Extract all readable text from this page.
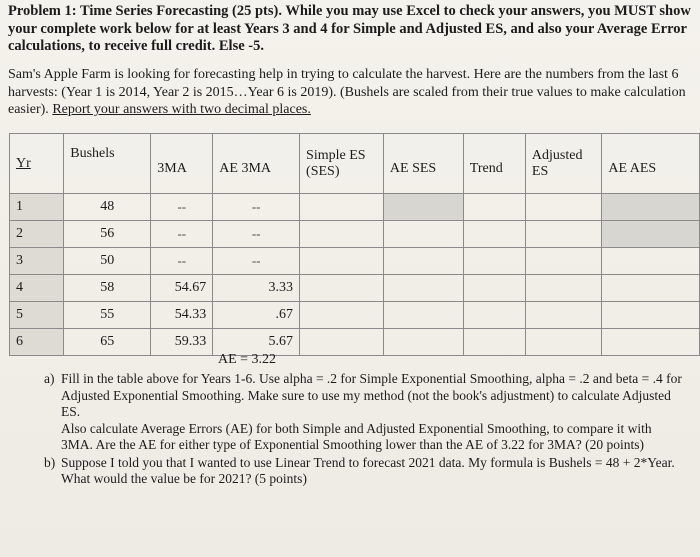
Problem 1: Time Series Forecasting (25 pts). While you may use Excel to check your answers, you MUST show your complete work below for at least Years 3 and 4 for Simple and Adjusted ES, and also your Average Error calculations, to receive full credit. Else -5.
Sam's Apple Farm is looking for forecasting help in trying to calculate the harvest. Here are the numbers from the last 6 harvests: (Year 1 is 2014, Year 2 is 2015…Year 6 is 2019). (Bushels are scaled from their true values to make calculation easier). Report your answers with two decimal places.
Yr	Bushels	3MA	AE 3MA	Simple ES (SES)	AE SES	Trend	Adjusted ES	AE AES
1	48	--	--					
2	56	--	--					
3	50	--	--					
4	58	54.67	3.33					
5	55	54.33	.67					
6	65	59.33	5.67					
AE = 3.22
a) Fill in the table above for Years 1-6. Use alpha = .2 for Simple Exponential Smoothing, alpha = .2 and beta = .4 for Adjusted Exponential Smoothing. Make sure to use my method (not the book's adjustment) to calculate Adjusted ES.

Also calculate Average Errors (AE) for both Simple and Adjusted Exponential Smoothing, to compare it with 3MA. Are the AE for either type of Exponential Smoothing lower than the AE of 3.22 for 3MA? (20 points)

b) Suppose I told you that I wanted to use Linear Trend to forecast 2021 data. My formula is Bushels = 48 + 2*Year. What would the value be for 2021? (5 points)
